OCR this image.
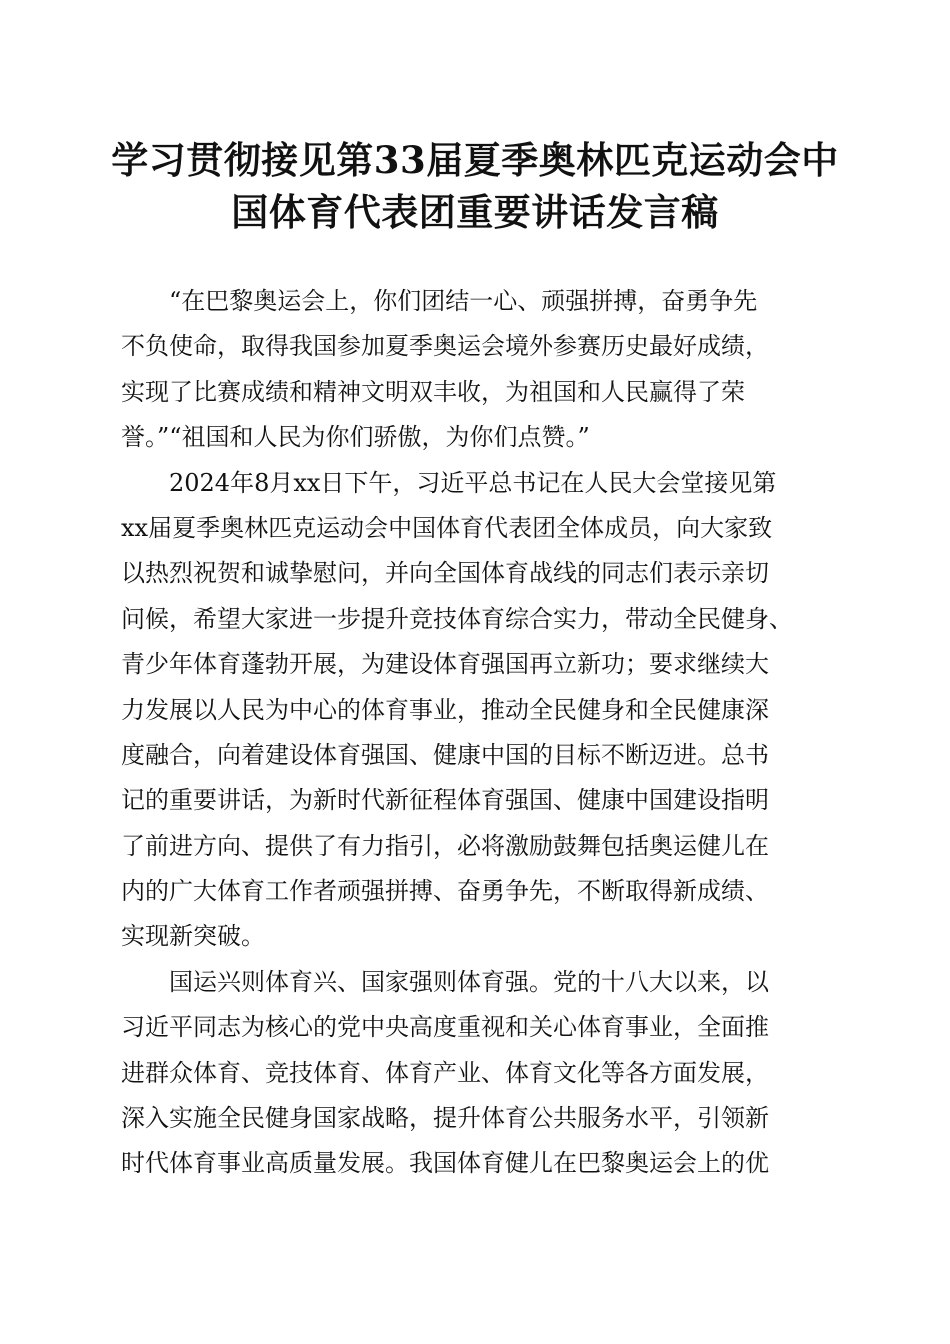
学习贯彻接见第33届夏季奥林匹克运动会中
国体育代表团重要讲话发言稿
“在巴黎奥运会上，你们团结一心、顽强拼搏，奋勇争先
不负使命，取得我国参加夏季奥运会境外参赛历史最好成绩，
实现了比赛成绩和精神文明双丰收，为祖国和人民赢得了荣
誉。”“祖国和人民为你们骄傲，为你们点赞。”
2024年8月xx日下午，习近平总书记在人民大会堂接见第
xx届夏季奥林匹克运动会中国体育代表团全体成员，向大家致
以热烈祝贺和诚挚慰问，并向全国体育战线的同志们表示亲切
问候，希望大家进一步提升竞技体育综合实力，带动全民健身、
青少年体育蓬勃开展，为建设体育强国再立新功；要求继续大
力发展以人民为中心的体育事业，推动全民健身和全民健康深
度融合，向着建设体育强国、健康中国的目标不断迈进。总书
记的重要讲话，为新时代新征程体育强国、健康中国建设指明
了前进方向、提供了有力指引，必将激励鼓舞包括奥运健儿在
内的广大体育工作者顽强拼搏、奋勇争先，不断取得新成绩、
实现新突破。
国运兴则体育兴、国家强则体育强。党的十八大以来，以
习近平同志为核心的党中央高度重视和关心体育事业，全面推
进群众体育、竞技体育、体育产业、体育文化等各方面发展，
深入实施全民健身国家战略，提升体育公共服务水平，引领新
时代体育事业高质量发展。我国体育健儿在巴黎奥运会上的优
